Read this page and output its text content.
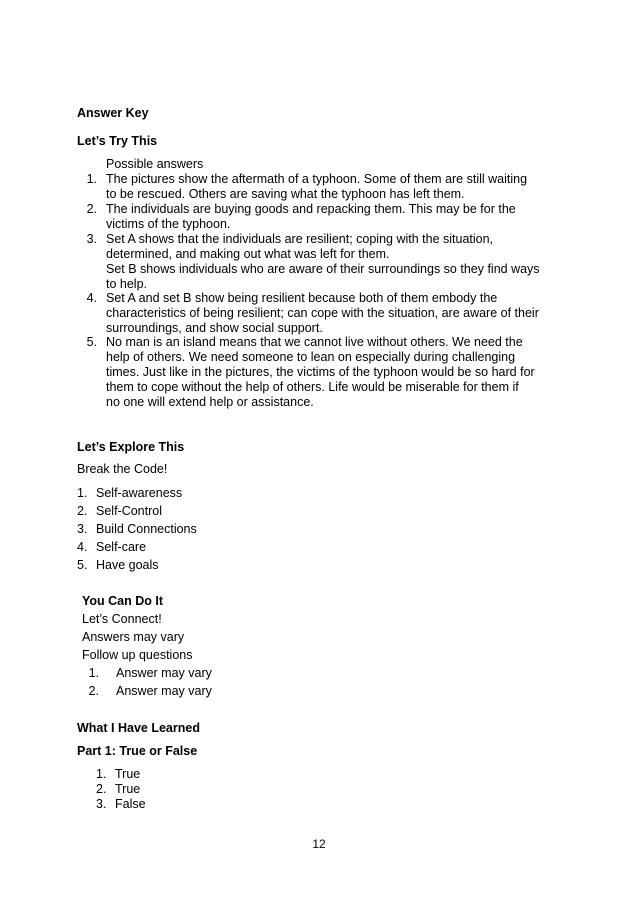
Answer Key
Let’s Try This
Possible answers
1. The pictures show the aftermath of a typhoon. Some of them are still waiting
to be rescued. Others are saving what the typhoon has left them.
2. The individuals are buying goods and repacking them. This may be for the
victims of the typhoon.
3. Set A shows that the individuals are resilient; coping with the situation,
determined, and making out what was left for them.
Set B shows individuals who are aware of their surroundings so they find ways
to help.
4. Set A and set B show being resilient because both of them embody the
characteristics of being resilient; can cope with the situation, are aware of their
surroundings, and show social support.
5. No man is an island means that we cannot live without others. We need the
help of others. We need someone to lean on especially during challenging
times. Just like in the pictures, the victims of the typhoon would be so hard for
them to cope without the help of others. Life would be miserable for them if
no one will extend help or assistance.
Let’s Explore This
Break the Code!
1. Self-awareness
2. Self-Control
3. Build Connections
4. Self-care
5. Have goals
You Can Do It
Let’s Connect!
Answers may vary
Follow up questions
1. Answer may vary
2. Answer may vary
What I Have Learned
Part 1: True or False
1. True
2. True
3. False
12
